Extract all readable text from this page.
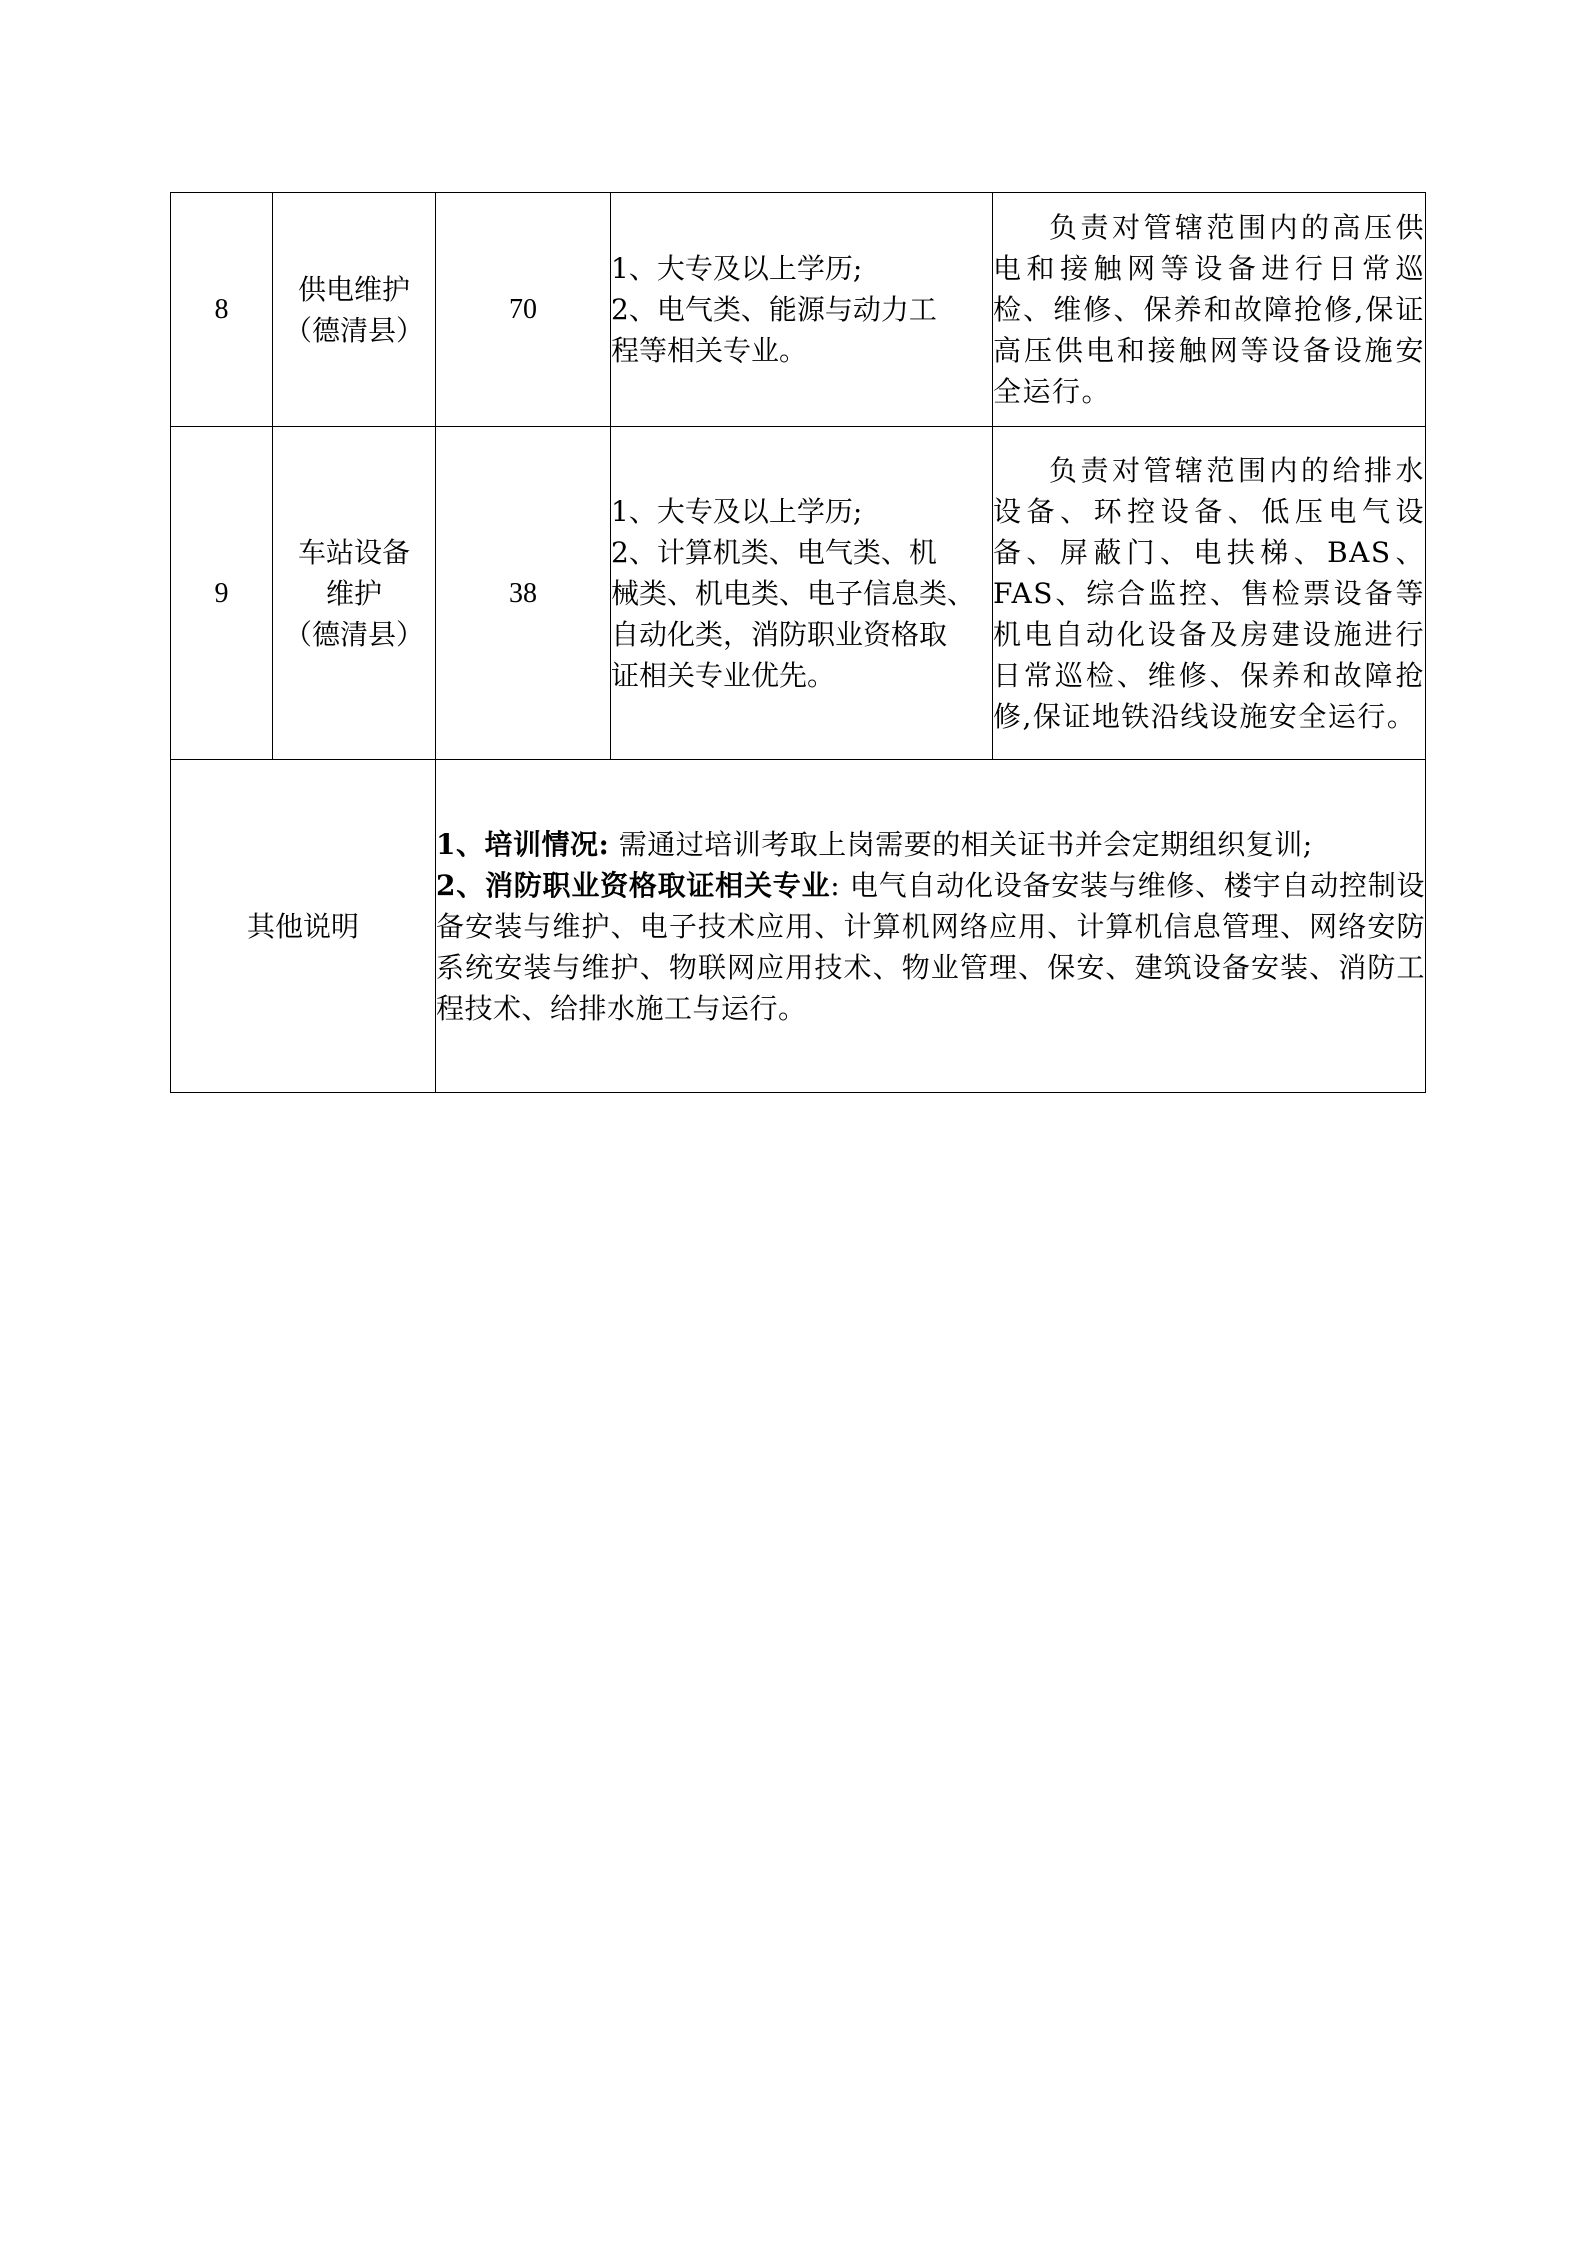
8	供电维护
（德清县）	70	1、大专及以上学历;
2、电气类、能源与动力工
程等相关专业。	负责对管辖范围内的高压供电和接触网等设备进行日常巡检、维修、保养和故障抢修,保证高压供电和接触网等设备设施安全运行。

9	车站设备
维护
（德清县）	38	1、大专及以上学历;
2、计算机类、电气类、机
械类、机电类、电子信息类、
自动化类，消防职业资格取
证相关专业优先。	负责对管辖范围内的给排水设备、环控设备、低压电气设备、屏蔽门、电扶梯、BAS、FAS、综合监控、售检票设备等机电自动化设备及房建设施进行日常巡检、维修、保养和故障抢修,保证地铁沿线设施安全运行。

其他说明		1、培训情况: 需通过培训考取上岗需要的相关证书并会定期组织复训;
2、消防职业资格取证相关专业: 电气自动化设备安装与维修、楼宇自动控制设备安装与维护、电子技术应用、计算机网络应用、计算机信息管理、网络安防系统安装与维护、物联网应用技术、物业管理、保安、建筑设备安装、消防工程技术、给排水施工与运行。		
